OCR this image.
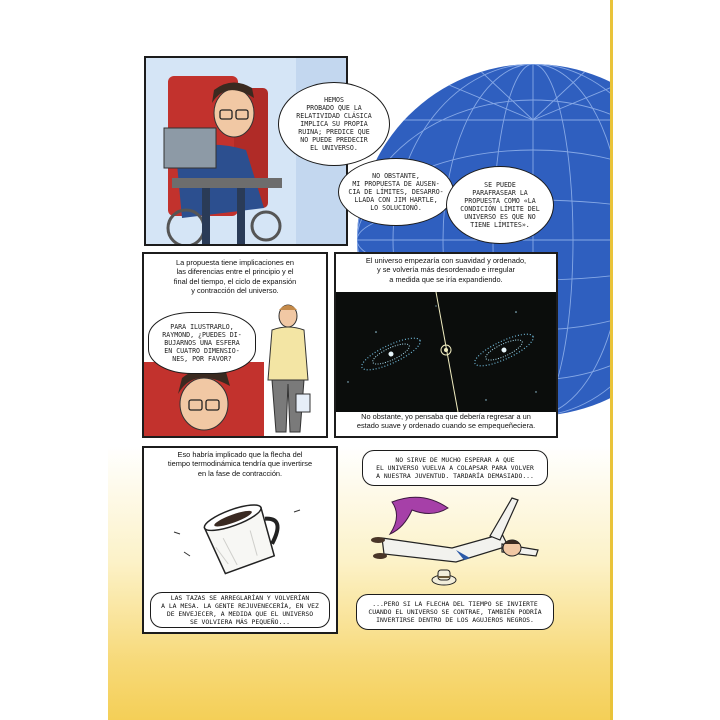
HEMOS
PROBADO QUE LA
RELATIVIDAD CLÁSICA
IMPLICA SU PROPIA
RUINA; PREDICE QUE
NO PUEDE PREDECIR
EL UNIVERSO.
NO OBSTANTE,
MI PROPUESTA DE AUSEN-
CIA DE LÍMITES, DESARRO-
LLADA CON JIM HARTLE,
LO SOLUCIONÓ.
SE PUEDE
PARAFRASEAR LA
PROPUESTA COMO «LA
CONDICIÓN LÍMITE DEL
UNIVERSO ES QUE NO
TIENE LÍMITES».
La propuesta tiene implicaciones en
las diferencias entre el principio y el
final del tiempo, el ciclo de expansión
y contracción del universo.
PARA ILUSTRARLO,
RAYMOND, ¿PUEDES DI-
BUJARNOS UNA ESFERA
EN CUATRO DIMENSIO-
NES, POR FAVOR?
El universo empezaría con suavidad y ordenado,
y se volvería más desordenado e irregular
a medida que se iría expandiendo.
No obstante, yo pensaba que debería regresar a un
estado suave y ordenado cuando se empequeñeciera.
Eso habría implicado que la flecha del
tiempo termodinámica tendría que invertirse
en la fase de contracción.
LAS TAZAS SE ARREGLARÍAN Y VOLVERÍAN
A LA MESA. LA GENTE REJUVENECERÍA, EN VEZ
DE ENVEJECER, A MEDIDA QUE EL UNIVERSO
SE VOLVIERA MÁS PEQUEÑO...
NO SIRVE DE MUCHO ESPERAR A QUE
EL UNIVERSO VUELVA A COLAPSAR PARA VOLVER
A NUESTRA JUVENTUD. TARDARÍA DEMASIADO...
...PERO SI LA FLECHA DEL TIEMPO SE INVIERTE
CUANDO EL UNIVERSO SE CONTRAE, TAMBIÉN PODRÍA
INVERTIRSE DENTRO DE LOS AGUJEROS NEGROS.
